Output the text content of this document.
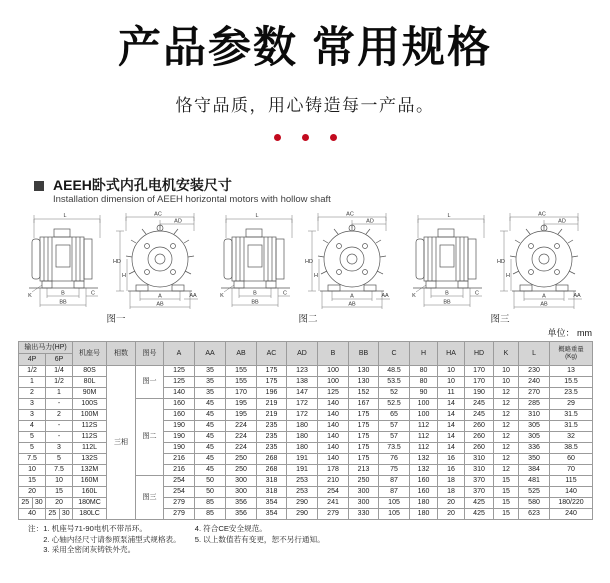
产品参数 常用规格
恪守品质，用心铸造每一产品。
AEEH卧式内孔电机安装尺寸
Installation dimension of AEEH horizontal motors with hollow shaft
L
B
BB
C
K
AC
AD
HD
H
A
AB
AA
图一
L
B
BB
C
K
AC
AD
HD
H
A
AB
AA
图二
L
B
BB
C
K
AC
AD
HD
H
A
AB
AA
图三
单位： mm
输出马力(HP)		机座号	相数	图号	A	AA	AB	AC	AD	B	BB	C	H	HA	HD	K	L	概略重量
(Kg)

4P	6P																	
1/2	1/4	80S	三相	图一	125	35	155	175	123	100	130	48.5	80	10	170	10	230	13
1	1/2	80L			125	35	155	175	138	100	130	53.5	80	10	170	10	240	15.5
2	1	90M			140	35	170	196	147	125	152	52	90	11	190	12	270	23.5
3	-	100S		图二	160	45	195	219	172	140	167	52.5	100	14	245	12	285	29
3	2	100M			160	45	195	219	172	140	175	65	100	14	245	12	310	31.5
4	-	112S			190	45	224	235	180	140	175	57	112	14	260	12	305	31.5
5	-	112S			190	45	224	235	180	140	175	57	112	14	260	12	305	32
5	3	112L			190	45	224	235	180	140	175	73.5	112	14	260	12	336	38.5
7.5	5	132S			216	45	250	268	191	140	175	76	132	16	310	12	350	60
10	7.5	132M			216	45	250	268	191	178	213	75	132	16	310	12	384	70
15	10	160M		图三	254	50	300	318	253	210	250	87	160	18	370	15	481	115
20	15	160L			254	50	300	318	253	254	300	87	160	18	370	15	525	140

25 30	20	180MC			279	85	356	354	290	241	300	105	180	20	425	15	580	180/220
40	25 30	180LC			279	85	356	354	290	279	330	105	180	20	425	15	623	240
注： 1. 机座号71-90电机不带吊环。
2. 心轴内径尺寸请参照泵浦型式规格表。
3. 采用全密闭灰铸铁外壳。
4. 符合CE安全规范。
5. 以上数值若有变更，恕不另行通知。
